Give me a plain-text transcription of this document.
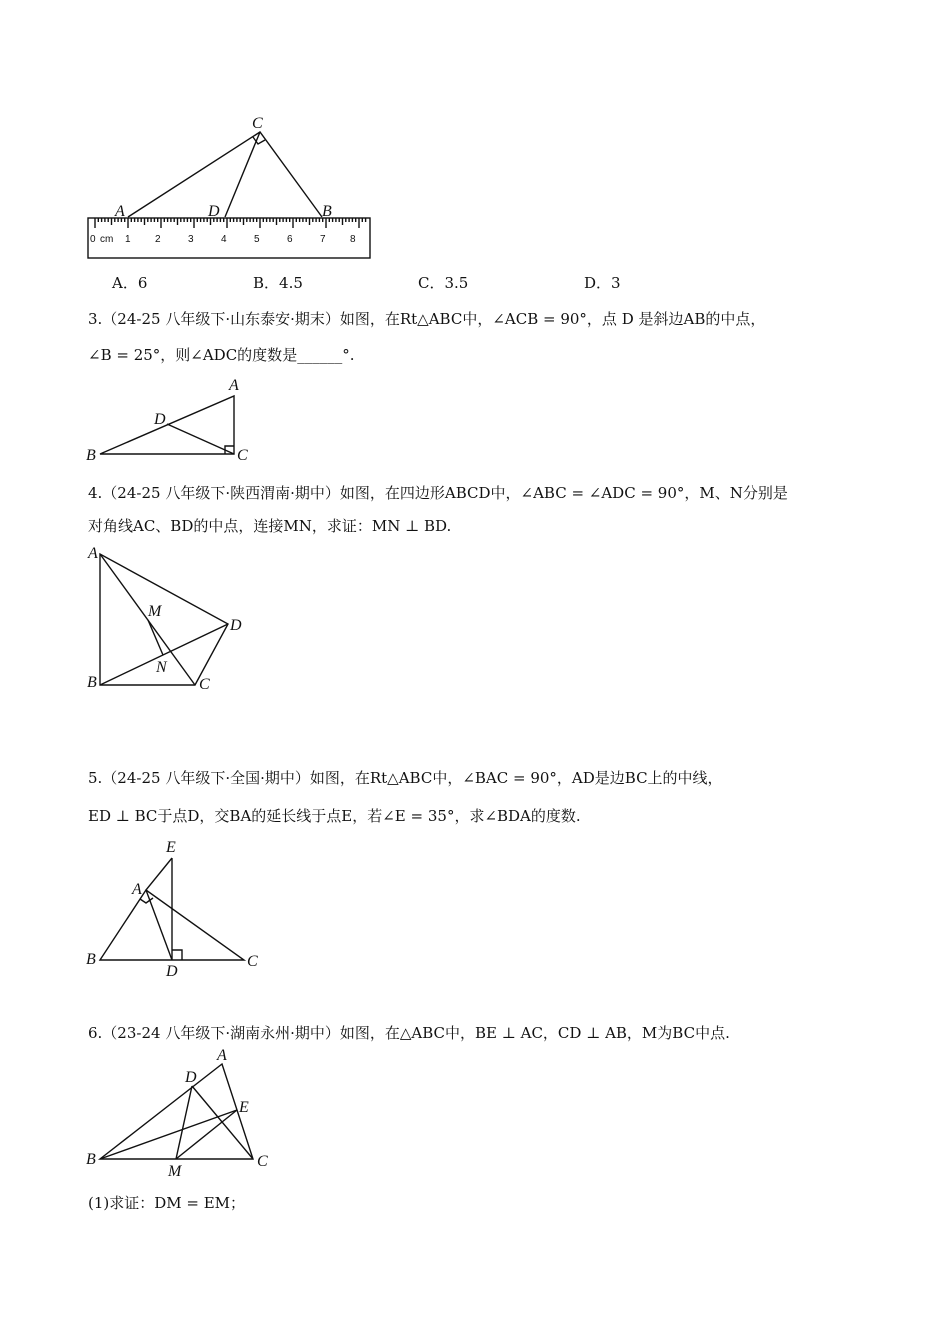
C
A	D	B
0 cm 1 2	3	4	5	6	7 8
A．6	B．4.5	C．3.5	D．3
3.（24-25 八年级下·山东泰安·期末）如图，在Rt△ABC中，∠ACB = 90°，点 D 是斜边AB的中点，
∠B = 25°，则∠ADC的度数是______°.
A
D
B	C
4.（24-25 八年级下·陕西渭南·期中）如图，在四边形ABCD中，∠ABC = ∠ADC = 90°，M、N分别是
对角线AC、BD的中点，连接MN，求证：MN ⊥ BD.
A
M
D
N
B	C
5.（24-25 八年级下·全国·期中）如图，在Rt△ABC中，∠BAC = 90°，AD是边BC上的中线，
ED ⊥ BC于点D，交BA的延长线于点E，若∠E = 35°，求∠BDA的度数.
E
A
B	C
D
6.（23-24 八年级下·湖南永州·期中）如图，在△ABC中，BE ⊥ AC，CD ⊥ AB，M为BC中点.
A
D
E
B
M
C
(1)求证：DM = EM；
